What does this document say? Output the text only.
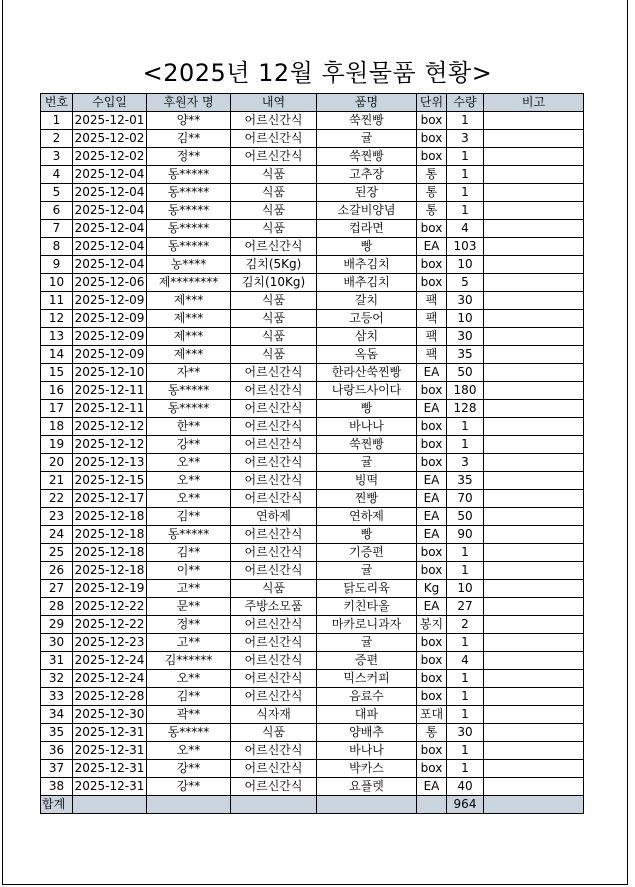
<2025년 12월 후원물품 현황>
번호	수입일	후원자 명	내역	품명	단위	수량	비고
1	2025-12-01	양**	어르신간식	쑥찐빵	box	1	
2	2025-12-02	김**	어르신간식	귤	box	3	
3	2025-12-02	정**	어르신간식	쑥찐빵	box	1	
4	2025-12-04	동*****	식품	고추장	통	1	
5	2025-12-04	동*****	식품	된장	통	1	
6	2025-12-04	동*****	식품	소갈비양념	통	1	
7	2025-12-04	동*****	식품	컵라면	box	4	
8	2025-12-04	동*****	어르신간식	빵	EA	103	
9	2025-12-04	농****	김치(5Kg)	배추김치	box	10	
10	2025-12-06	제********	김치(10Kg)	배추김치	box	5	
11	2025-12-09	제***	식품	갈치	팩	30	
12	2025-12-09	제***	식품	고등어	팩	10	
13	2025-12-09	제***	식품	삼치	팩	30	
14	2025-12-09	제***	식품	옥돔	팩	35	
15	2025-12-10	자**	어르신간식	한라산쑥찐빵	EA	50	
16	2025-12-11	동*****	어르신간식	나랑드사이다	box	180	
17	2025-12-11	동*****	어르신간식	빵	EA	128	
18	2025-12-12	한**	어르신간식	바나나	box	1	
19	2025-12-12	강**	어르신간식	쑥찐빵	box	1	
20	2025-12-13	오**	어르신간식	귤	box	3	
21	2025-12-15	오**	어르신간식	빙떡	EA	35	
22	2025-12-17	오**	어르신간식	찐빵	EA	70	
23	2025-12-18	김**	연하제	연하제	EA	50	
24	2025-12-18	동*****	어르신간식	빵	EA	90	
25	2025-12-18	김**	어르신간식	기증편	box	1	
26	2025-12-18	이**	어르신간식	귤	box	1	
27	2025-12-19	고**	식품	닭도리육	Kg	10	
28	2025-12-22	문**	주방소모품	키친타올	EA	27	
29	2025-12-22	정**	어르신간식	마카로니과자	봉지	2	
30	2025-12-23	고**	어르신간식	귤	box	1	
31	2025-12-24	김******	어르신간식	증편	box	4	
32	2025-12-24	오**	어르신간식	믹스커피	box	1	
33	2025-12-28	김**	어르신간식	음료수	box	1	
34	2025-12-30	곽**	식자재	대파	포대	1	
35	2025-12-31	동*****	식품	양배추	통	30	
36	2025-12-31	오**	어르신간식	바나나	box	1	
37	2025-12-31	강**	어르신간식	박카스	box	1	
38	2025-12-31	강**	어르신간식	요플렛	EA	40	
합계						964	
